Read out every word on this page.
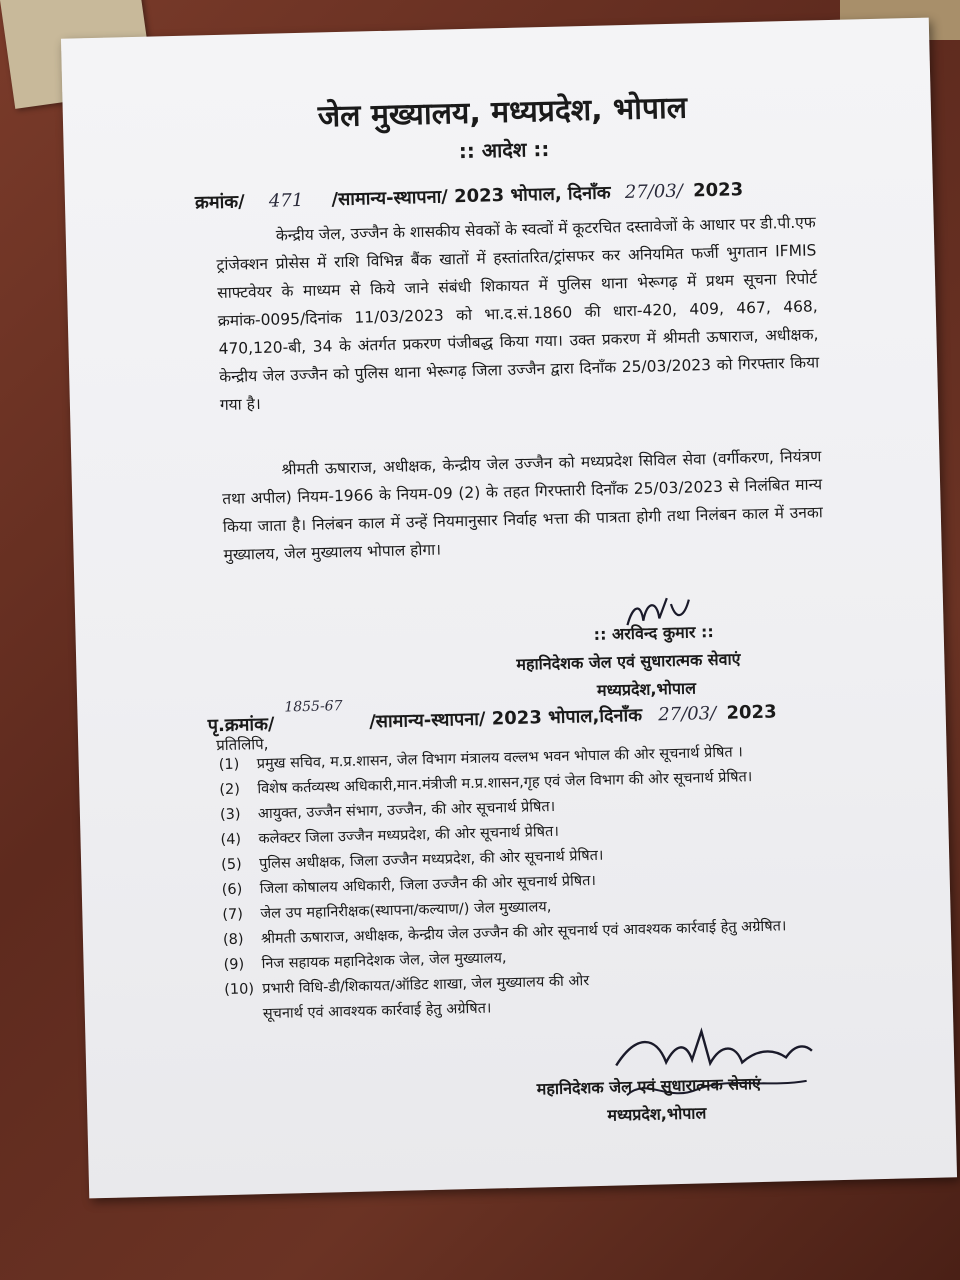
जेल मुख्यालय, मध्यप्रदेश, भोपाल
:: आदेश ::
क्रमांक/ 471 /सामान्य-स्थापना/ 2023 भोपाल, दिनाँक 27/03/ 2023

केन्द्रीय जेल, उज्जैन के शासकीय सेवकों के स्वत्वों में कूटरचित दस्तावेजों के आधार पर डी.पी.एफ ट्रांजेक्शन प्रोसेस में राशि विभिन्न बैंक खातों में हस्तांतरित/ट्रांसफर कर अनियमित फर्जी भुगतान IFMIS साफ्टवेयर के माध्यम से किये जाने संबंधी शिकायत में पुलिस थाना भेरूगढ़ में प्रथम सूचना रिपोर्ट क्रमांक-0095/दिनांक 11/03/2023 को भा.द.सं.1860 की धारा-420, 409, 467, 468, 470,120-बी, 34 के अंतर्गत प्रकरण पंजीबद्ध किया गया। उक्त प्रकरण में श्रीमती ऊषाराज, अधीक्षक, केन्द्रीय जेल उज्जैन को पुलिस थाना भेरूगढ़ जिला उज्जैन द्वारा दिनाँक 25/03/2023 को गिरफ्तार किया गया है।

श्रीमती ऊषाराज, अधीक्षक, केन्द्रीय जेल उज्जैन को मध्यप्रदेश सिविल सेवा (वर्गीकरण, नियंत्रण तथा अपील) नियम-1966 के नियम-09 (2) के तहत गिरफ्तारी दिनाँक 25/03/2023 से निलंबित मान्य किया जाता है। निलंबन काल में उन्हें नियमानुसार निर्वाह भत्ता की पात्रता होगी तथा निलंबन काल में उनका मुख्यालय, जेल मुख्यालय भोपाल होगा।

:: अरविन्द कुमार ::
महानिदेशक जेल एवं सुधारात्मक सेवाएं
मध्यप्रदेश,भोपाल
पृ.क्रमांक/ $^{1855-67}$ /सामान्य-स्थापना/ 2023 भोपाल,दिनाँक 27/03/ 2023
प्रतिलिपि,
(1)	प्रमुख सचिव, म.प्र.शासन, जेल विभाग मंत्रालय वल्लभ भवन भोपाल की ओर सूचनार्थ प्रेषित ।
(2)	विशेष कर्तव्यस्थ अधिकारी,मान.मंत्रीजी म.प्र.शासन,गृह एवं जेल विभाग की ओर सूचनार्थ प्रेषित।
(3)	आयुक्त, उज्जैन संभाग, उज्जैन, की ओर सूचनार्थ प्रेषित।
(4)	कलेक्टर जिला उज्जैन मध्यप्रदेश, की ओर सूचनार्थ प्रेषित।
(5)	पुलिस अधीक्षक, जिला उज्जैन मध्यप्रदेश, की ओर सूचनार्थ प्रेषित।
(6)	जिला कोषालय अधिकारी, जिला उज्जैन की ओर सूचनार्थ प्रेषित।
(7)	जेल उप महानिरीक्षक(स्थापना/कल्याण/) जेल मुख्यालय,
(8)	श्रीमती ऊषाराज, अधीक्षक, केन्द्रीय जेल उज्जैन की ओर सूचनार्थ एवं आवश्यक कार्रवाई हेतु अग्रेषित।
(9)	निज सहायक महानिदेशक जेल, जेल मुख्यालय,
(10) प्रभारी विधि-डी/शिकायत/ऑडिट शाखा, जेल मुख्यालय की ओर सूचनार्थ एवं आवश्यक कार्रवाई हेतु अग्रेषित।
महानिदेशक जेल एवं सुधारात्मक सेवाएं
मध्यप्रदेश,भोपाल
